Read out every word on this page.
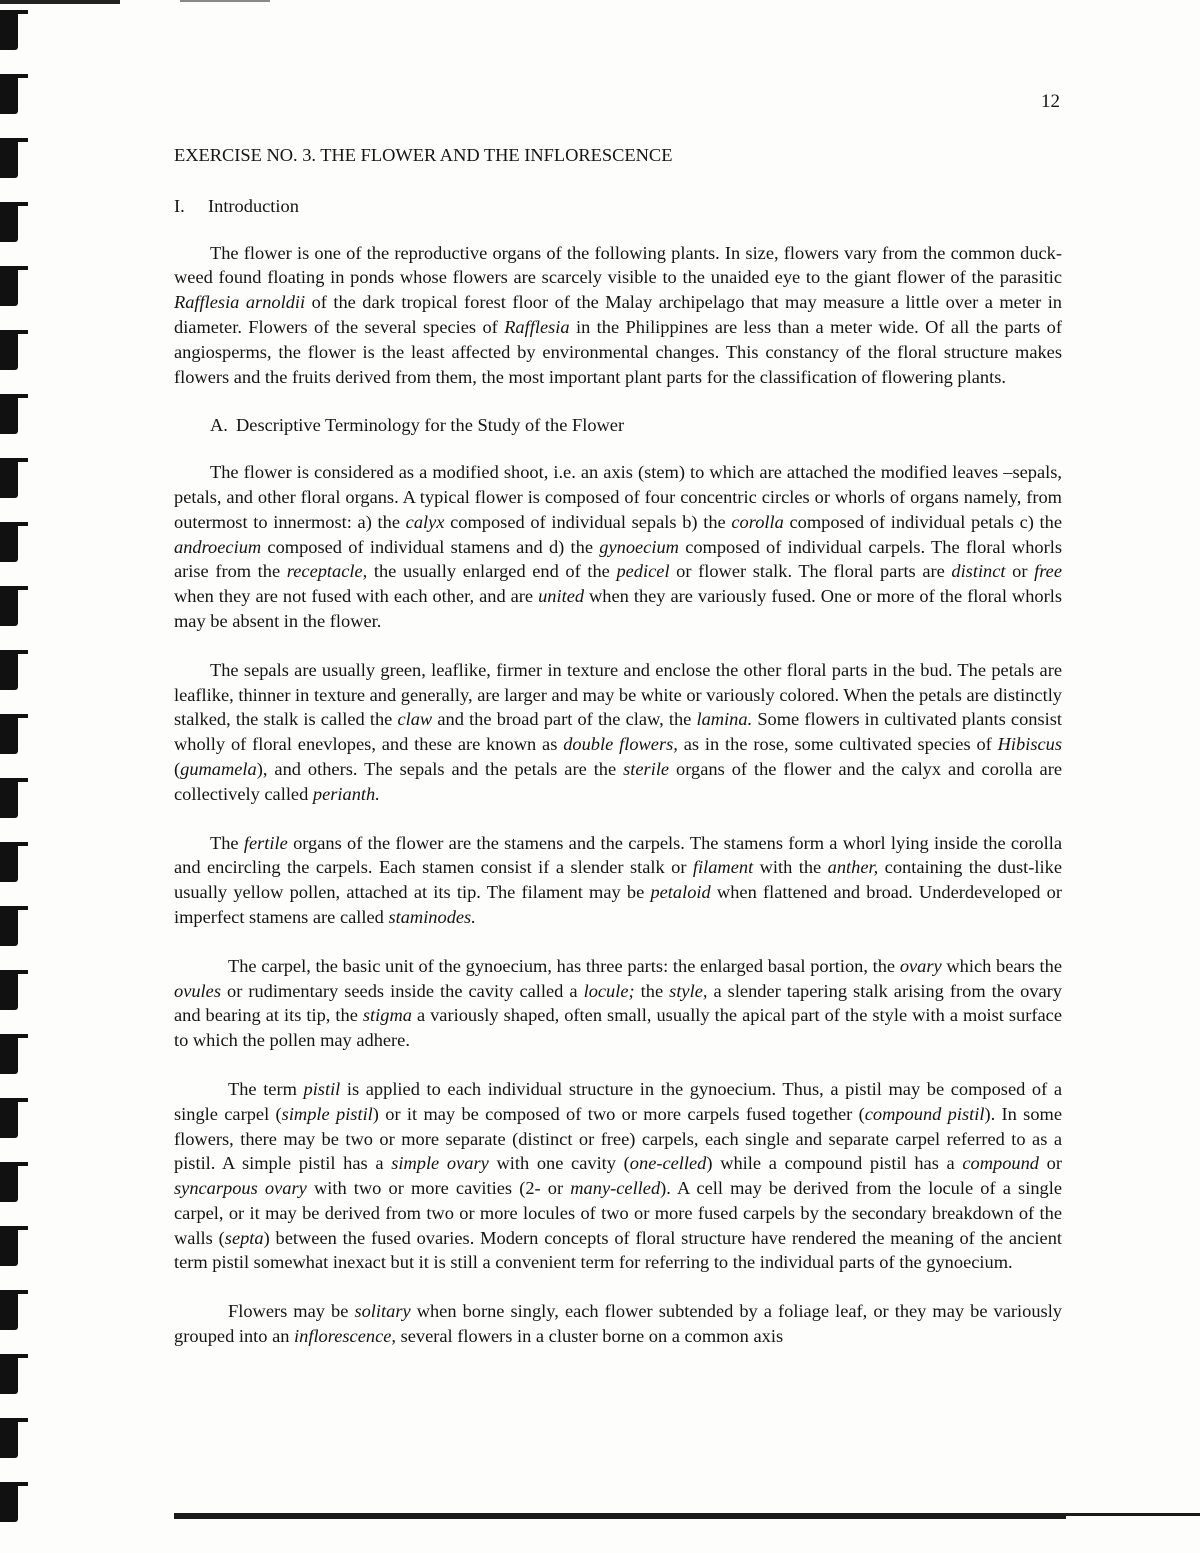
12
EXERCISE NO. 3. THE FLOWER AND THE INFLORESCENCE
I. Introduction

The flower is one of the reproductive organs of the following plants. In size, flowers vary from the common duck-weed found floating in ponds whose flowers are scarcely visible to the unaided eye to the giant flower of the parasitic Rafflesia arnoldii of the dark tropical forest floor of the Malay archipelago that may measure a little over a meter in diameter. Flowers of the several species of Rafflesia in the Philippines are less than a meter wide. Of all the parts of angiosperms, the flower is the least affected by environmental changes. This constancy of the floral structure makes flowers and the fruits derived from them, the most important plant parts for the classification of flowering plants.

A. Descriptive Terminology for the Study of the Flower

The flower is considered as a modified shoot, i.e. an axis (stem) to which are attached the modified leaves –sepals, petals, and other floral organs. A typical flower is composed of four concentric circles or whorls of organs namely, from outermost to innermost: a) the calyx composed of individual sepals b) the corolla composed of individual petals c) the androecium composed of individual stamens and d) the gynoecium composed of individual carpels. The floral whorls arise from the receptacle, the usually enlarged end of the pedicel or flower stalk. The floral parts are distinct or free when they are not fused with each other, and are united when they are variously fused. One or more of the floral whorls may be absent in the flower.

The sepals are usually green, leaflike, firmer in texture and enclose the other floral parts in the bud. The petals are leaflike, thinner in texture and generally, are larger and may be white or variously colored. When the petals are distinctly stalked, the stalk is called the claw and the broad part of the claw, the lamina. Some flowers in cultivated plants consist wholly of floral enevlopes, and these are known as double flowers, as in the rose, some cultivated species of Hibiscus (gumamela), and others. The sepals and the petals are the sterile organs of the flower and the calyx and corolla are collectively called perianth.

The fertile organs of the flower are the stamens and the carpels. The stamens form a whorl lying inside the corolla and encircling the carpels. Each stamen consist if a slender stalk or filament with the anther, containing the dust-like usually yellow pollen, attached at its tip. The filament may be petaloid when flattened and broad. Underdeveloped or imperfect stamens are called staminodes.

The carpel, the basic unit of the gynoecium, has three parts: the enlarged basal portion, the ovary which bears the ovules or rudimentary seeds inside the cavity called a locule; the style, a slender tapering stalk arising from the ovary and bearing at its tip, the stigma a variously shaped, often small, usually the apical part of the style with a moist surface to which the pollen may adhere.

The term pistil is applied to each individual structure in the gynoecium. Thus, a pistil may be composed of a single carpel (simple pistil) or it may be composed of two or more carpels fused together (compound pistil). In some flowers, there may be two or more separate (distinct or free) carpels, each single and separate carpel referred to as a pistil. A simple pistil has a simple ovary with one cavity (one-celled) while a compound pistil has a compound or syncarpous ovary with two or more cavities (2- or many-celled). A cell may be derived from the locule of a single carpel, or it may be derived from two or more locules of two or more fused carpels by the secondary breakdown of the walls (septa) between the fused ovaries. Modern concepts of floral structure have rendered the meaning of the ancient term pistil somewhat inexact but it is still a convenient term for referring to the individual parts of the gynoecium.

Flowers may be solitary when borne singly, each flower subtended by a foliage leaf, or they may be variously grouped into an inflorescence, several flowers in a cluster borne on a common axis
